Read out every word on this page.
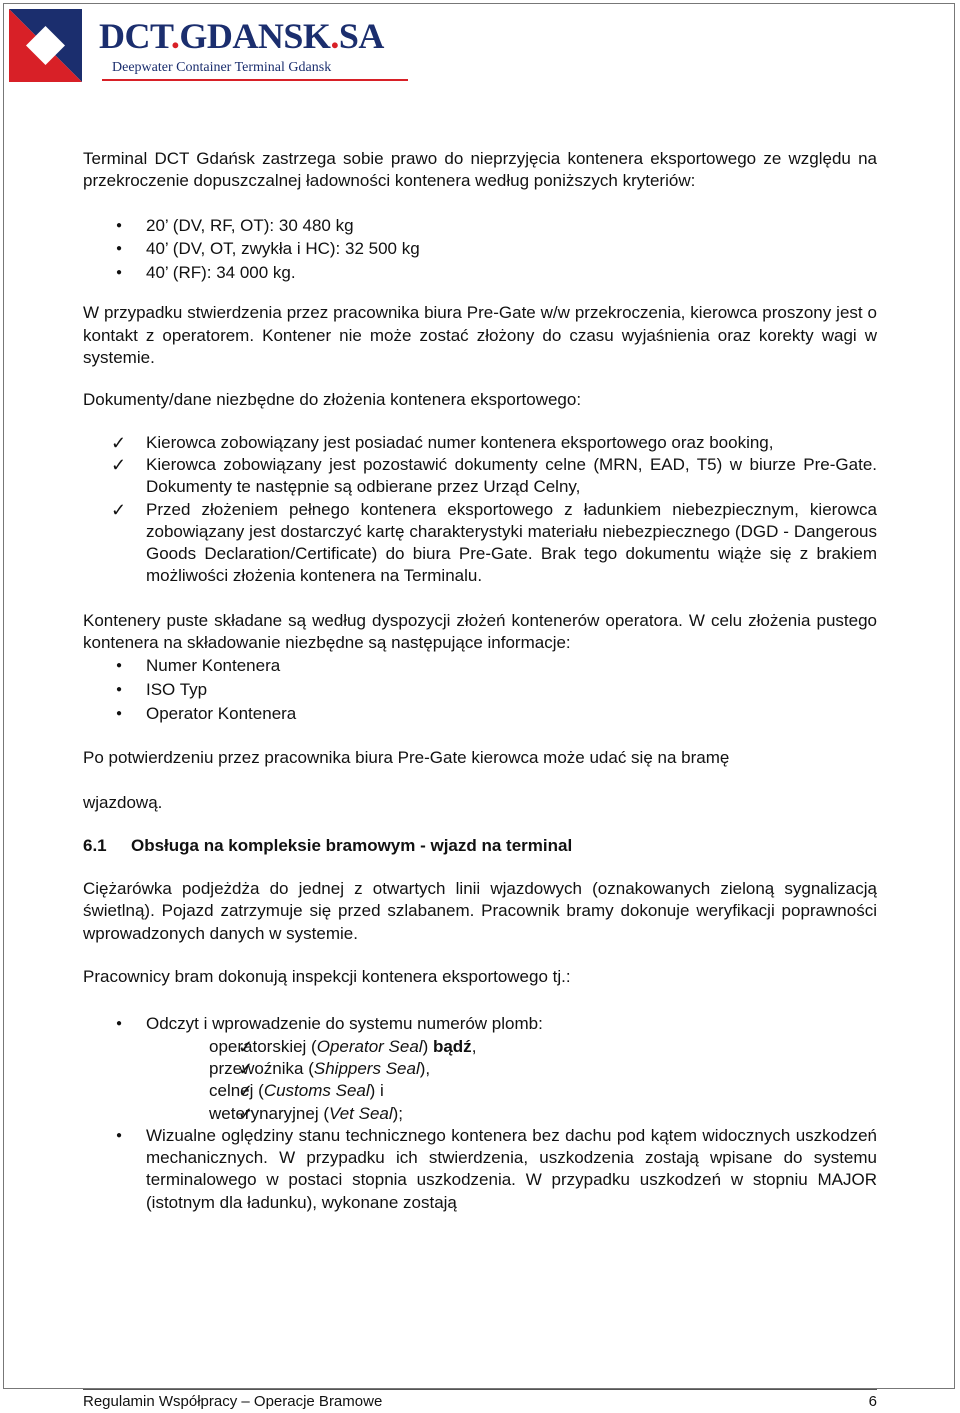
DCT.GDANSK.SA
Deepwater Container Terminal Gdansk

Terminal DCT Gdańsk zastrzega sobie prawo do nieprzyjęcia kontenera eksportowego ze względu na przekroczenie dopuszczalnej ładowności kontenera według poniższych kryteriów:

● 20’ (DV, RF, OT): 30 480 kg
● 40’ (DV, OT, zwykła i HC): 32 500 kg
● 40’ (RF): 34 000 kg.

W przypadku stwierdzenia przez pracownika biura Pre-Gate w/w przekroczenia, kierowca proszony jest o kontakt z operatorem. Kontener nie może zostać złożony do czasu wyjaśnienia oraz korekty wagi w systemie.

Dokumenty/dane niezbędne do złożenia kontenera eksportowego:

✓ Kierowca zobowiązany jest posiadać numer kontenera eksportowego oraz booking,
✓ Kierowca zobowiązany jest pozostawić dokumenty celne (MRN, EAD, T5) w biurze Pre-Gate. Dokumenty te następnie są odbierane przez Urząd Celny,
✓ Przed złożeniem pełnego kontenera eksportowego z ładunkiem niebezpiecznym, kierowca zobowiązany jest dostarczyć kartę charakterystyki materiału niebezpiecznego (DGD - Dangerous Goods Declaration/Certificate) do biura Pre-Gate. Brak tego dokumentu wiąże się z brakiem możliwości złożenia kontenera na Terminalu.

Kontenery puste składane są według dyspozycji złożeń kontenerów operatora. W celu złożenia pustego kontenera na składowanie niezbędne są następujące informacje:

● Numer Kontenera
● ISO Typ
● Operator Kontenera

Po potwierdzeniu przez pracownika biura Pre-Gate kierowca może udać się na bramę

wjazdową.

6.1 Obsługa na kompleksie bramowym - wjazd na terminal

Ciężarówka podjeżdża do jednej z otwartych linii wjazdowych (oznakowanych zieloną sygnalizacją świetlną). Pojazd zatrzymuje się przed szlabanem. Pracownik bramy dokonuje weryfikacji poprawności wprowadzonych danych w systemie.

Pracownicy bram dokonują inspekcji kontenera eksportowego tj.:

● Odczyt i wprowadzenie do systemu numerów plomb:
✓ operatorskiej (Operator Seal) bądź,
✓ przewoźnika (Shippers Seal),
✓ celnej (Customs Seal) i
✓ weterynaryjnej (Vet Seal);
● Wizualne oględziny stanu technicznego kontenera bez dachu pod kątem widocznych uszkodzeń mechanicznych. W przypadku ich stwierdzenia, uszkodzenia zostają wpisane do systemu terminalowego w postaci stopnia uszkodzenia. W przypadku uszkodzeń w stopniu MAJOR (istotnym dla ładunku), wykonane zostają
Regulamin Współpracy – Operacje Bramowe	6
